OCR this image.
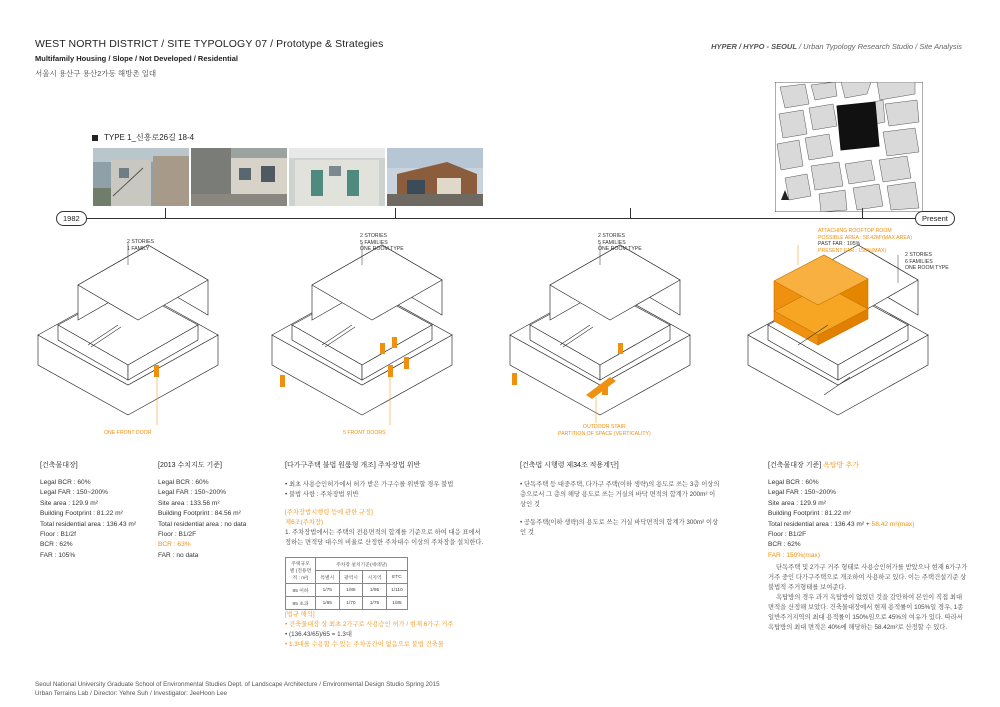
WEST NORTH DISTRICT / SITE TYPOLOGY 07 / Prototype & Strategies
Multifamily Housing / Slope / Not Developed / Residential
서울시 용산구 용산2가동 해방촌 일대
HYPER / HYPO - SEOUL / Urban Typology Research Studio / Site Analysis
TYPE 1_신흥로26길 18-4
1982	Present
2 STORIES
1 FAMILY
ONE FRONT DOOR
2 STORIES
5 FAMILIES
ONE ROOM TYPE
5 FRONT DOORS
2 STORIES
5 FAMILIES
ONE ROOM TYPE
OUTDOOR STAIR
PARTITION OF SPACE (VERTICALITY)
ATTACHING ROOFTOP ROOM
POSSIBLE AREA : 58.42M²(MAX AREA)
PAST FAR : 105%
PRESENT FAR : 150%(MAX)
2 STORIES
6 FAMILIES
ONE ROOM TYPE
[건축물대장]
Legal BCR : 60%
Legal FAR : 150~200%
Site area : 129.9 m²
Building Footprint : 81.22 m²
Total residential area : 136.43 m²
Floor : B1/2f
BCR : 62%
FAR : 105%
[2013 수치지도 기준]
Legal BCR : 60%
Legal FAR : 150~200%
Site area : 133.56 m²
Building Footprint : 84.56 m²
Total residential area : no data
Floor : B1/2F
BCR : 63%
FAR : no data
[다가구주택 불법 원룸형 개조] 주차장법 위반
• 최초 사용승인허가에서 허가 받은 가구수를 위반할 경우 불법
• 불법 사항 : 주차장법 위반
[주차장법시행령 등에 관한 규정]
제6조(주차장)
1. 주차장법에서는 주택의 전용면적의 합계를 기준으로 하여 대응 표에서 정하는 면적당 대수의 비율로 산정한 주차대수 이상의 주차장을 설치한다.
주택규모별 (전용면적 : m²)	주차장 설치기준(세대당)			
	특별시	광역시	시지역	ETC
85 이하	1/75	1/85	1/95	1/110
85 초과	1/65	1/70	1/75	1/85
[법규 해석]
• 건축물대장 상 최초 2가구로 사용승인 허가 / 현재 6가구 거주
• (136.43/65)/65 = 1.3대
• 1.3대를 수용할 수 있는 주차공간이 없음으로 불법 건축물
[건축법 시행령 제34조 적용계단]
• 단독주택 등 대중주택, 다가구 주택(이하 생략)의 용도로 쓰는 3층 이상의 층으로서 그 층의 해당 용도로 쓰는 거실의 바닥 면적의 합계가 200m² 이상인 것
• 공동주택(이하 생략)의 용도로 쓰는 거실 바닥면적의 합계가 300m² 이상인 것
[건축물대장 기준] 옥탑방 추가
Legal BCR : 60%
Legal FAR : 150~200%
Site area : 129.9 m²
Building Footprint : 81.22 m²
Total residential area : 136.43 m² + 58.42 m²(max)
Floor : B1/2F
BCR : 62%
FAR : 150%(max)
단독주택 및 2가구 거주 형태로 사용승인허가를 받았으나 현재 6가구가 거주 중인 다가구주택으로 개조하여 사용하고 있다. 이는 주택건설기준 상 불법적 주거형태를 보여준다.
옥탑방의 경우 과거 옥탑방이 없었던 것을 감안하여 본인이 직접 최대면적을 산정해 보았다. 건축물대장에서 현재 용적률이 105%일 경우, 1종일반주거지역의 최대 용적률이 150%임으로 45%의 여유가 있다. 따라서 옥탑방의 최대 면적은 40%에 해당하는 58.42m²로 산정할 수 있다.
Seoul National University Graduate School of Environmental Studies Dept. of Landscape Architecture / Environmental Design Studio Spring 2015
Urban Terrains Lab / Director: Yehre Suh / Investigator: JeeHoon Lee
